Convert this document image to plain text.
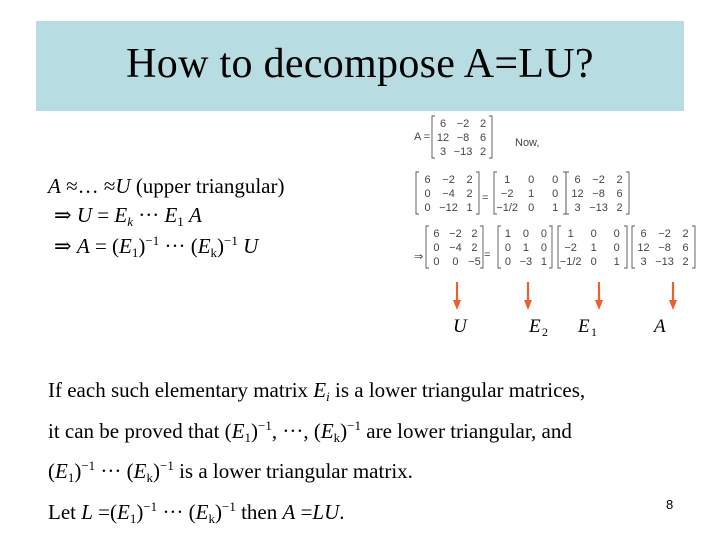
How to decompose A=LU?
A ≈… ≈U (upper triangular)
⇒ $U = E_k$ ··· $E_1$ A
⇒ $A = (E_1)^{-1}$ ··· $(E_k)^{-1}$ U
A =
6 −2 2
12 −8 6
3 −13 2
Now,
6 −2 2
0 −4 2
0 −12 1
=
1 0 0
−2 1 0
−1/2 0 1
6 −2 2
12 −8 6
3 −13 2
⇒
6 −2 2
0 −4 2
0 0 −5
=
1 0 0
0 1 0
0 −3 1
1 0 0
−2 1 0
−1/2 0 1
6 −2 2
12 −8 6
3 −13 2
U	E 2 E 1	A
If each such elementary matrix $E_i$ is a lower triangular matrices,
it can be proved that $(E_1)^{-1}$, ···, $(E_k)^{-1}$ are lower triangular, and
$(E_1)^{-1}$ ··· $(E_k)^{-1}$ is a lower triangular matrix.
Let $L =(E_1)^{-1}$ ··· $(E_k)^{-1}$ then A =LU.	8
